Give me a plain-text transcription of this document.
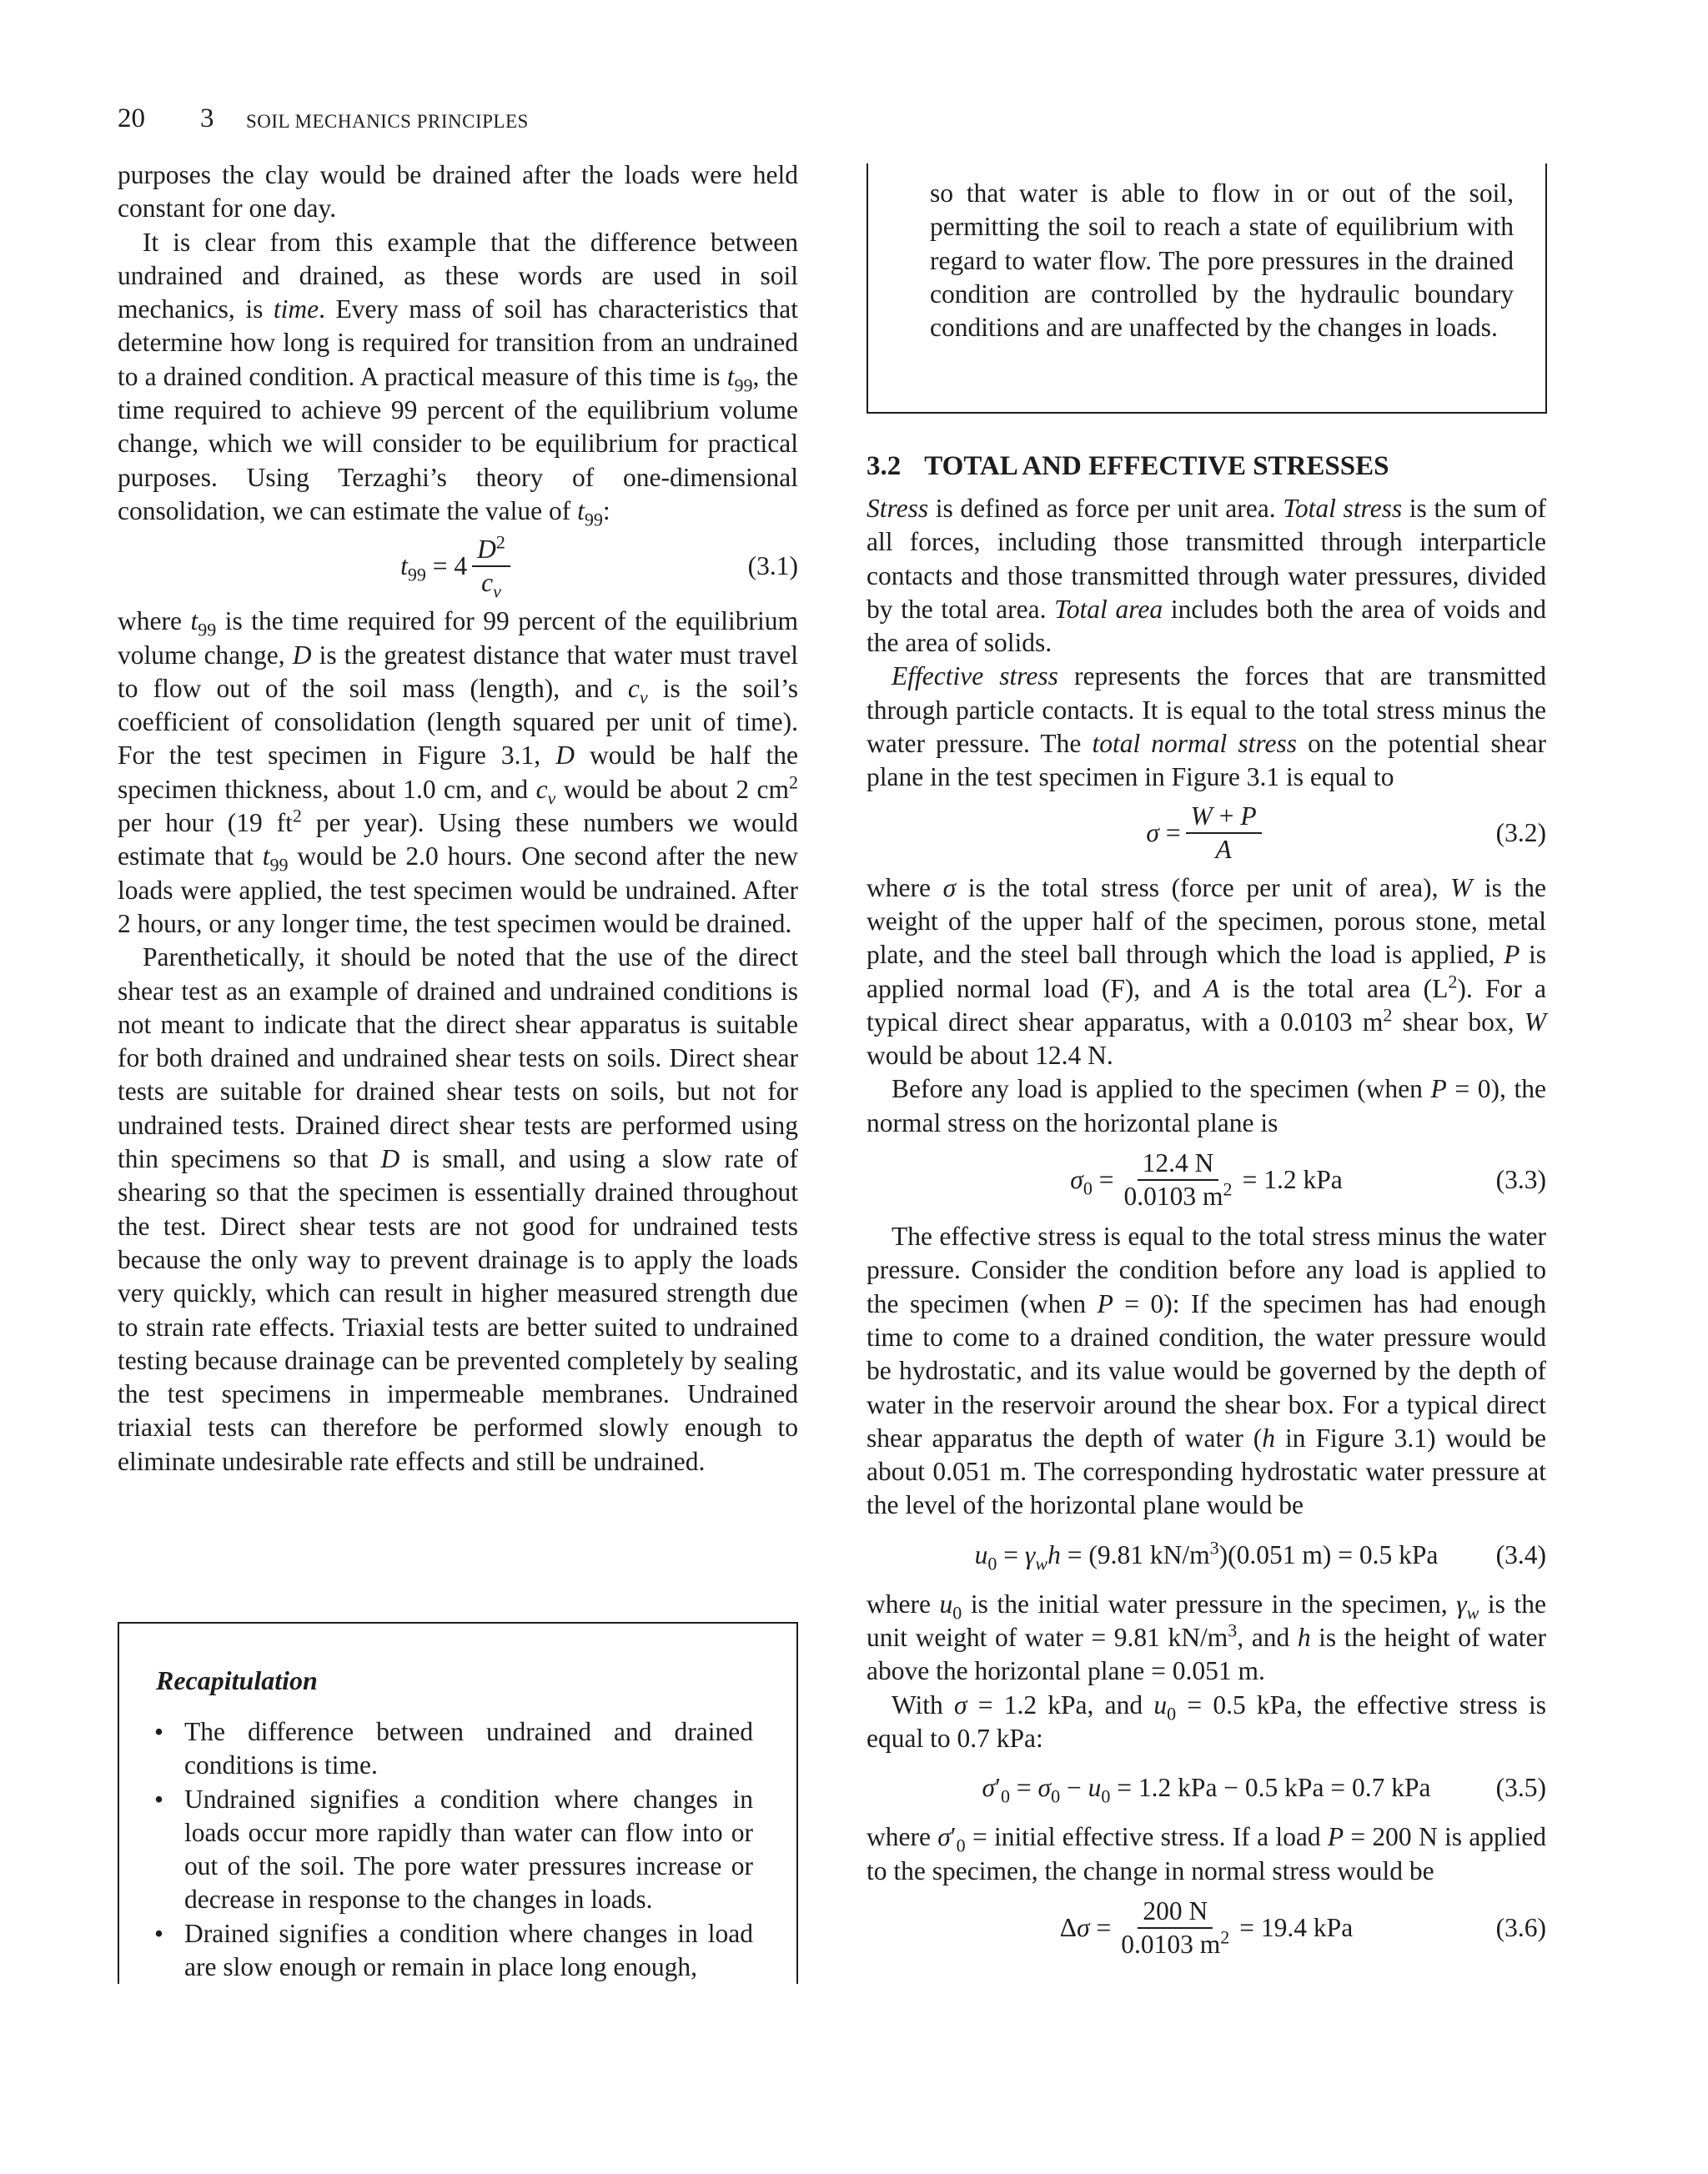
20 3 SOIL MECHANICS PRINCIPLES

purposes the clay would be drained after the loads were held constant for one day.

It is clear from this example that the difference between undrained and drained, as these words are used in soil mechanics, is time. Every mass of soil has characteristics that determine how long is required for transition from an undrained to a drained condition. A practical measure of this time is $t_{99}$, the time required to achieve 99 percent of the equilibrium volume change, which we will consider to be equilibrium for practical purposes. Using Terzaghi’s theory of one-dimensional consolidation, we can estimate the value of $t_{99}$:

$t_{99} = 4 \frac{D^2}{c_v}$	(3.1)

where $t_{99}$ is the time required for 99 percent of the equilibrium volume change, D is the greatest distance that water must travel to flow out of the soil mass (length), and $c_v$ is the soil’s coefficient of consolidation (length squared per unit of time). For the test specimen in Figure 3.1, D would be half the specimen thickness, about 1.0 cm, and $c_v$ would be about 2 $cm^2$ per hour (19 $ft^2$ per year). Using these numbers we would estimate that $t_{99}$ would be 2.0 hours. One second after the new loads were applied, the test specimen would be undrained. After 2 hours, or any longer time, the test specimen would be drained.

Parenthetically, it should be noted that the use of the direct shear test as an example of drained and undrained conditions is not meant to indicate that the direct shear apparatus is suitable for both drained and undrained shear tests on soils. Direct shear tests are suitable for drained shear tests on soils, but not for undrained tests. Drained direct shear tests are performed using thin specimens so that D is small, and using a slow rate of shearing so that the specimen is essentially drained throughout the test. Direct shear tests are not good for undrained tests because the only way to prevent drainage is to apply the loads very quickly, which can result in higher measured strength due to strain rate effects. Triaxial tests are better suited to undrained testing because drainage can be prevented completely by sealing the test specimens in impermeable membranes. Undrained triaxial tests can therefore be performed slowly enough to eliminate undesirable rate effects and still be undrained.

Recapitulation
• The difference between undrained and drained conditions is time.
• Undrained signifies a condition where changes in loads occur more rapidly than water can flow into or out of the soil. The pore water pressures increase or decrease in response to the changes in loads.
• Drained signifies a condition where changes in load are slow enough or remain in place long enough,
so that water is able to flow in or out of the soil, permitting the soil to reach a state of equilibrium with regard to water flow. The pore pressures in the drained condition are controlled by the hydraulic boundary conditions and are unaffected by the changes in loads.
3.2 TOTAL AND EFFECTIVE STRESSES

Stress is defined as force per unit area. Total stress is the sum of all forces, including those transmitted through interparticle contacts and those transmitted through water pressures, divided by the total area. Total area includes both the area of voids and the area of solids.

Effective stress represents the forces that are transmitted through particle contacts. It is equal to the total stress minus the water pressure. The total normal stress on the potential shear plane in the test specimen in Figure 3.1 is equal to

$\sigma = \frac{W + P}{A}$	(3.2)

where σ is the total stress (force per unit of area), W is the weight of the upper half of the specimen, porous stone, metal plate, and the steel ball through which the load is applied, P is applied normal load (F), and A is the total area $(L^2)$. For a typical direct shear apparatus, with a 0.0103 $m^2$ shear box, W would be about 12.4 N.

Before any load is applied to the specimen (when P = 0), the normal stress on the horizontal plane is

$\sigma_0 = \frac{12.4 N}{0.0103 m^2} = 1.2$ kPa	(3.3)

The effective stress is equal to the total stress minus the water pressure. Consider the condition before any load is applied to the specimen (when P = 0): If the specimen has had enough time to come to a drained condition, the water pressure would be hydrostatic, and its value would be governed by the depth of water in the reservoir around the shear box. For a typical direct shear apparatus the depth of water (h in Figure 3.1) would be about 0.051 m. The corresponding hydrostatic water pressure at the level of the horizontal plane would be

$u_0 = \gamma_wh = (9.81$ $kN/m^3)(0.051$ m) = 0.5 kPa (3.4)

where $u_0$ is the initial water pressure in the specimen, $\gamma_w$ is the unit weight of water = 9.81 $kN/m^3$, and h is the height of water above the horizontal plane = 0.051 m.

With σ = 1.2 kPa, and $u_0 = 0.5$ kPa, the effective stress is equal to 0.7 kPa:

$\sigma'_0 = \sigma_0 - u_0 = 1.2$ kPa − 0.5 kPa = 0.7 kPa (3.5)

where $\sigma'_0$ = initial effective stress. If a load P = 200 N is applied to the specimen, the change in normal stress would be

$\Delta\sigma = \frac{200 N}{0.0103 m^2} = 19.4$ kPa	(3.6)
